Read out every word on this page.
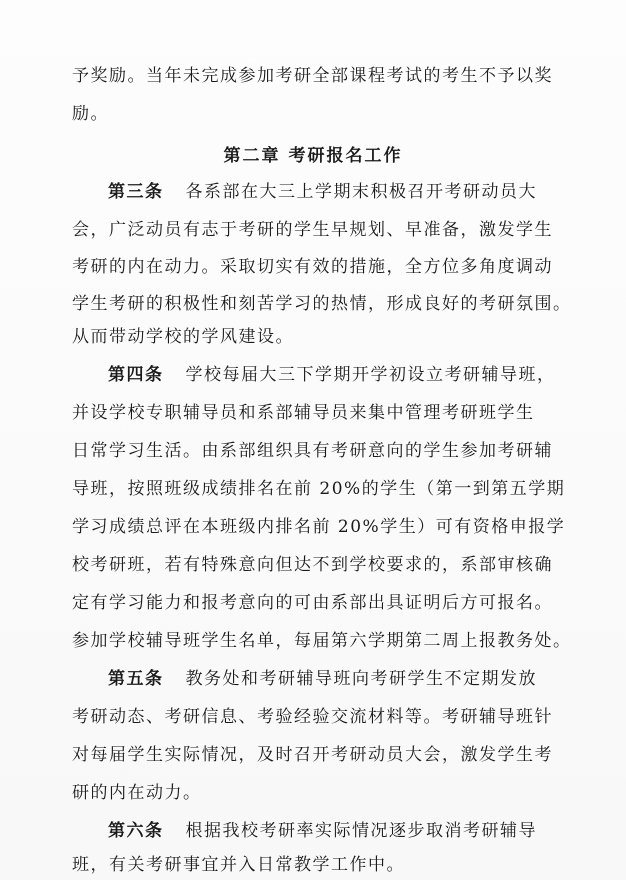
予奖励。当年未完成参加考研全部课程考试的考生不予以奖
励。
第二章 考研报名工作
第三条 各系部在大三上学期末积极召开考研动员大
会，广泛动员有志于考研的学生早规划、早准备，激发学生
考研的内在动力。采取切实有效的措施，全方位多角度调动
学生考研的积极性和刻苦学习的热情，形成良好的考研氛围。
从而带动学校的学风建设。
第四条 学校每届大三下学期开学初设立考研辅导班，
并设学校专职辅导员和系部辅导员来集中管理考研班学生
日常学习生活。由系部组织具有考研意向的学生参加考研辅
导班，按照班级成绩排名在前 20%的学生（第一到第五学期
学习成绩总评在本班级内排名前 20%学生）可有资格申报学
校考研班，若有特殊意向但达不到学校要求的，系部审核确
定有学习能力和报考意向的可由系部出具证明后方可报名。
参加学校辅导班学生名单，每届第六学期第二周上报教务处。
第五条 教务处和考研辅导班向考研学生不定期发放
考研动态、考研信息、考验经验交流材料等。考研辅导班针
对每届学生实际情况，及时召开考研动员大会，激发学生考
研的内在动力。
第六条 根据我校考研率实际情况逐步取消考研辅导
班，有关考研事宜并入日常教学工作中。
